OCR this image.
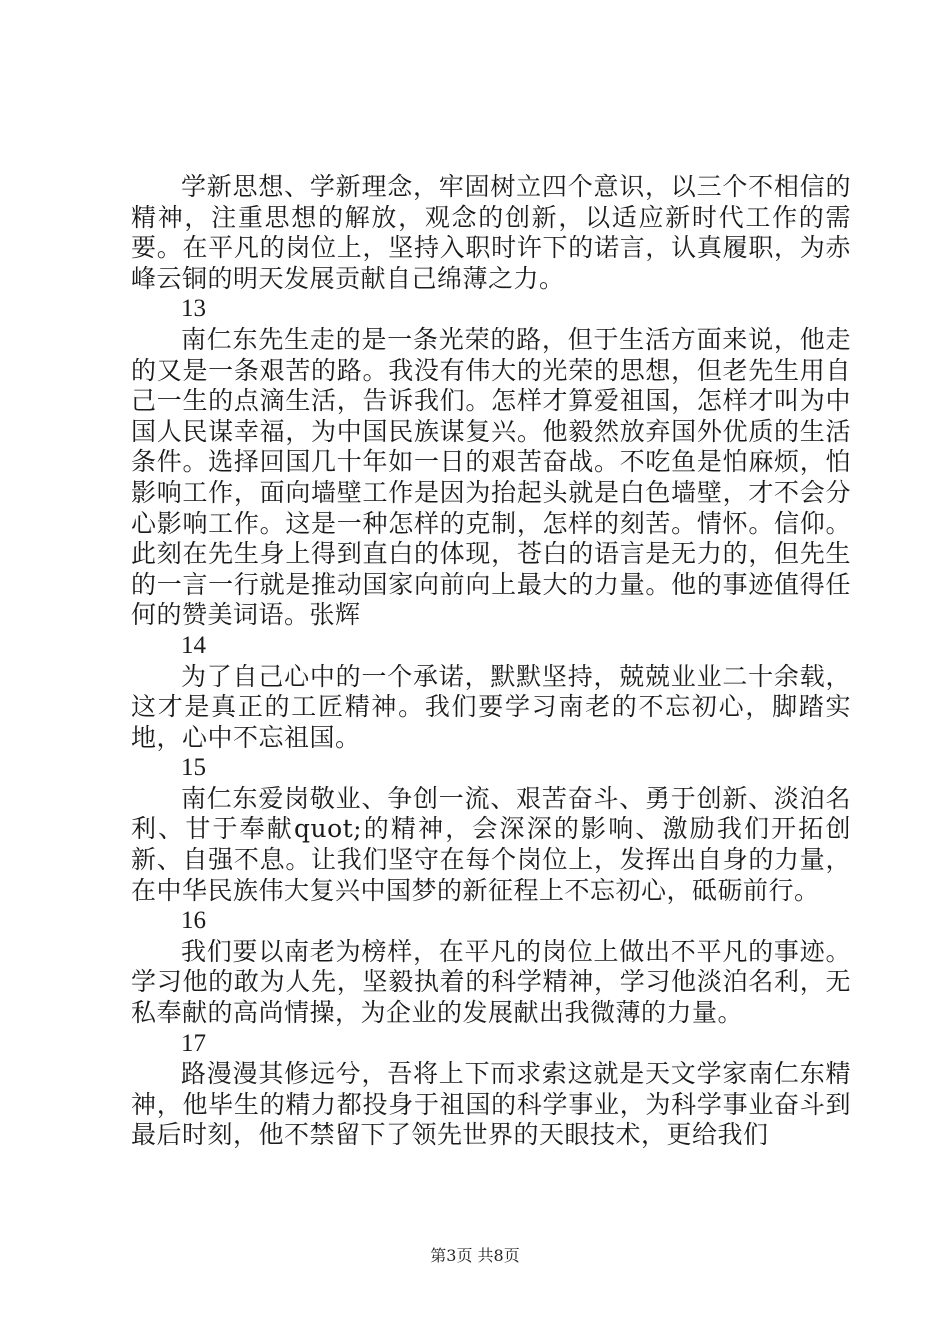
学新思想、学新理念，牢固树立四个意识，以三个不相信的精神，注重思想的解放，观念的创新，以适应新时代工作的需要。在平凡的岗位上，坚持入职时许下的诺言，认真履职，为赤峰云铜的明天发展贡献自己绵薄之力。

13

南仁东先生走的是一条光荣的路，但于生活方面来说，他走的又是一条艰苦的路。我没有伟大的光荣的思想，但老先生用自己一生的点滴生活，告诉我们。怎样才算爱祖国，怎样才叫为中国人民谋幸福，为中国民族谋复兴。他毅然放弃国外优质的生活条件。选择回国几十年如一日的艰苦奋战。不吃鱼是怕麻烦，怕影响工作，面向墙壁工作是因为抬起头就是白色墙壁，才不会分心影响工作。这是一种怎样的克制，怎样的刻苦。情怀。信仰。此刻在先生身上得到直白的体现，苍白的语言是无力的，但先生的一言一行就是推动国家向前向上最大的力量。他的事迹值得任何的赞美词语。张辉

14

为了自己心中的一个承诺，默默坚持，兢兢业业二十余载，这才是真正的工匠精神。我们要学习南老的不忘初心，脚踏实地，心中不忘祖国。

15

南仁东爱岗敬业、争创一流、艰苦奋斗、勇于创新、淡泊名利、甘于奉献quot;的精神，会深深的影响、激励我们开拓创新、自强不息。让我们坚守在每个岗位上，发挥出自身的力量，在中华民族伟大复兴中国梦的新征程上不忘初心，砥砺前行。

16

我们要以南老为榜样，在平凡的岗位上做出不平凡的事迹。学习他的敢为人先，坚毅执着的科学精神，学习他淡泊名利，无私奉献的高尚情操，为企业的发展献出我微薄的力量。

17

路漫漫其修远兮，吾将上下而求索这就是天文学家南仁东精神，他毕生的精力都投身于祖国的科学事业，为科学事业奋斗到最后时刻，他不禁留下了领先世界的天眼技术，更给我们

第3页 共8页
